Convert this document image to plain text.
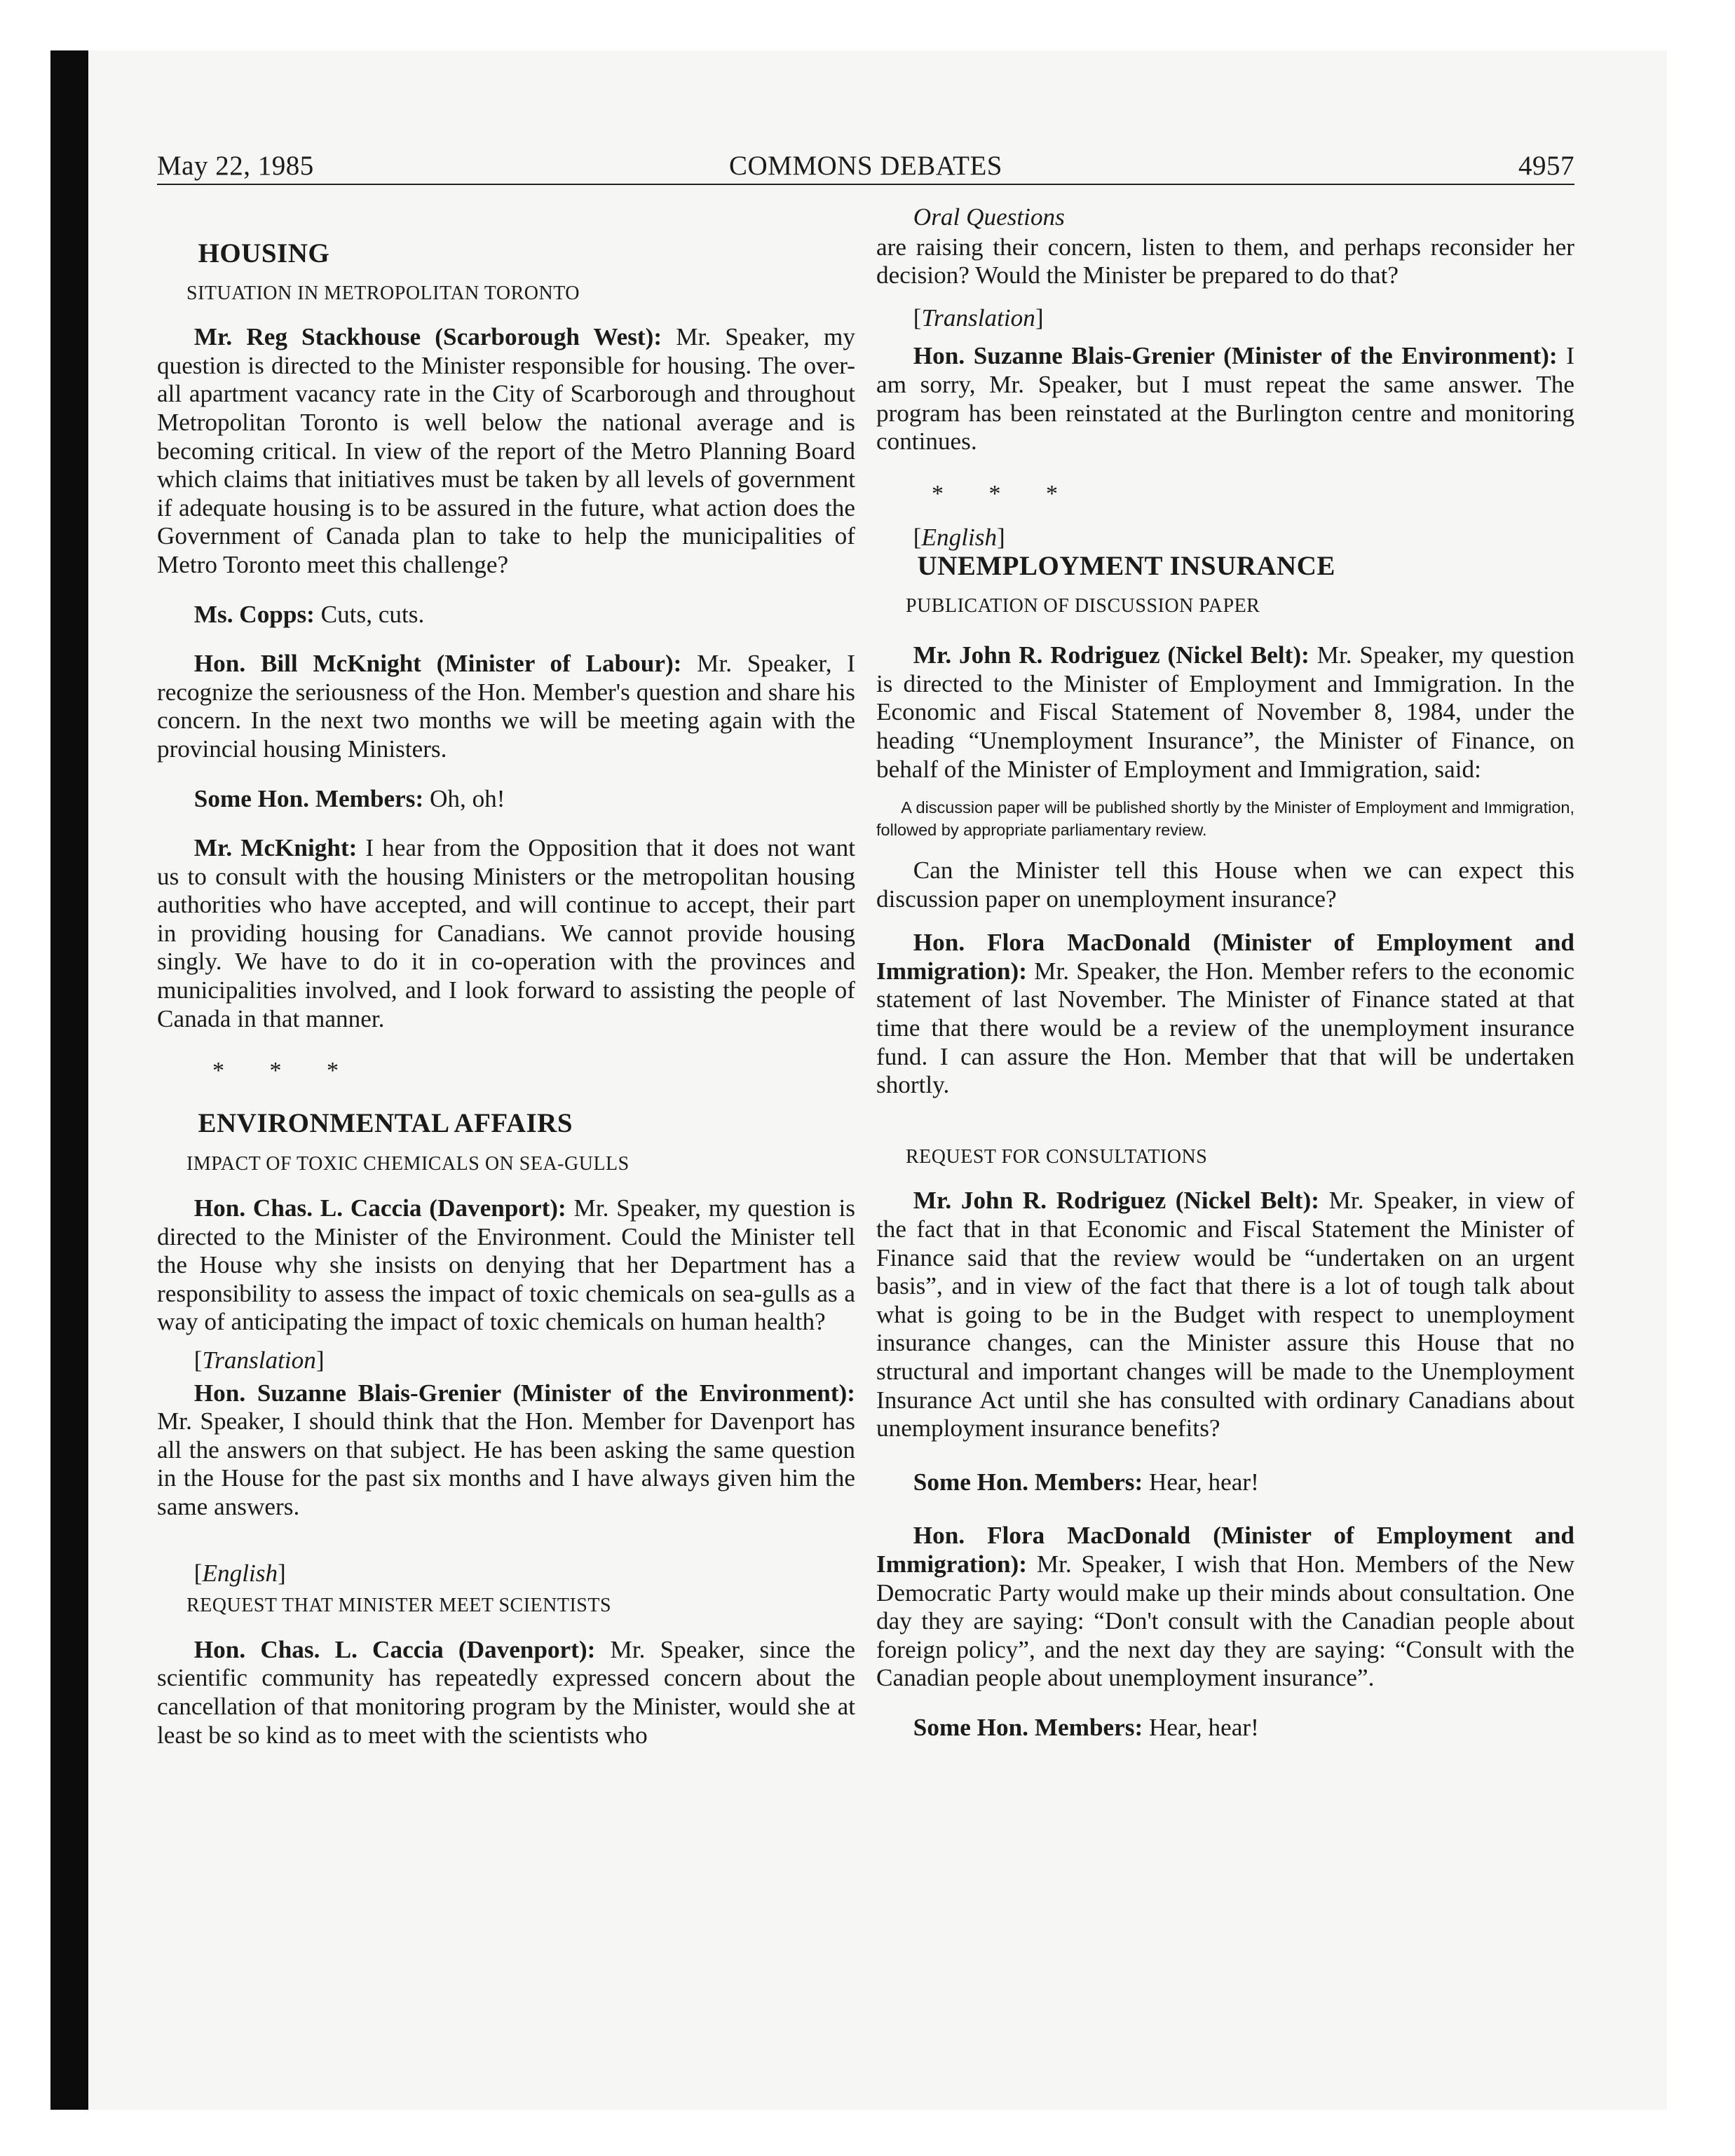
May 22, 1985	COMMONS DEBATES	4957

HOUSING

SITUATION IN METROPOLITAN TORONTO

Mr. Reg Stackhouse (Scarborough West): Mr. Speaker, my question is directed to the Minister responsible for housing. The over-all apartment vacancy rate in the City of Scarborough and throughout Metropolitan Toronto is well below the national average and is becoming critical. In view of the report of the Metro Planning Board which claims that initiatives must be taken by all levels of government if adequate housing is to be assured in the future, what action does the Government of Canada plan to take to help the municipalities of Metro Toronto meet this challenge?

Ms. Copps: Cuts, cuts.

Hon. Bill McKnight (Minister of Labour): Mr. Speaker, I recognize the seriousness of the Hon. Member's question and share his concern. In the next two months we will be meeting again with the provincial housing Ministers.

Some Hon. Members: Oh, oh!

Mr. McKnight: I hear from the Opposition that it does not want us to consult with the housing Ministers or the metropolitan housing authorities who have accepted, and will continue to accept, their part in providing housing for Canadians. We cannot provide housing singly. We have to do it in co-operation with the provinces and municipalities involved, and I look forward to assisting the people of Canada in that manner.

* * *

ENVIRONMENTAL AFFAIRS

IMPACT OF TOXIC CHEMICALS ON SEA-GULLS

Hon. Chas. L. Caccia (Davenport): Mr. Speaker, my question is directed to the Minister of the Environment. Could the Minister tell the House why she insists on denying that her Department has a responsibility to assess the impact of toxic chemicals on sea-gulls as a way of anticipating the impact of toxic chemicals on human health?

[Translation]

Hon. Suzanne Blais-Grenier (Minister of the Environment): Mr. Speaker, I should think that the Hon. Member for Davenport has all the answers on that subject. He has been asking the same question in the House for the past six months and I have always given him the same answers.

[English]

REQUEST THAT MINISTER MEET SCIENTISTS

Hon. Chas. L. Caccia (Davenport): Mr. Speaker, since the scientific community has repeatedly expressed concern about the cancellation of that monitoring program by the Minister, would she at least be so kind as to meet with the scientists who

Oral Questions

are raising their concern, listen to them, and perhaps reconsider her decision? Would the Minister be prepared to do that?

[Translation]

Hon. Suzanne Blais-Grenier (Minister of the Environment): I am sorry, Mr. Speaker, but I must repeat the same answer. The program has been reinstated at the Burlington centre and monitoring continues.

* * *

[English]

UNEMPLOYMENT INSURANCE

PUBLICATION OF DISCUSSION PAPER

Mr. John R. Rodriguez (Nickel Belt): Mr. Speaker, my question is directed to the Minister of Employment and Immigration. In the Economic and Fiscal Statement of November 8, 1984, under the heading “Unemployment Insurance”, the Minister of Finance, on behalf of the Minister of Employment and Immigration, said:

A discussion paper will be published shortly by the Minister of Employment and Immigration, followed by appropriate parliamentary review.

Can the Minister tell this House when we can expect this discussion paper on unemployment insurance?

Hon. Flora MacDonald (Minister of Employment and Immigration): Mr. Speaker, the Hon. Member refers to the economic statement of last November. The Minister of Finance stated at that time that there would be a review of the unemployment insurance fund. I can assure the Hon. Member that that will be undertaken shortly.

REQUEST FOR CONSULTATIONS

Mr. John R. Rodriguez (Nickel Belt): Mr. Speaker, in view of the fact that in that Economic and Fiscal Statement the Minister of Finance said that the review would be “undertaken on an urgent basis”, and in view of the fact that there is a lot of tough talk about what is going to be in the Budget with respect to unemployment insurance changes, can the Minister assure this House that no structural and important changes will be made to the Unemployment Insurance Act until she has consulted with ordinary Canadians about unemployment insurance benefits?

Some Hon. Members: Hear, hear!

Hon. Flora MacDonald (Minister of Employment and Immigration): Mr. Speaker, I wish that Hon. Members of the New Democratic Party would make up their minds about consultation. One day they are saying: “Don't consult with the Canadian people about foreign policy”, and the next day they are saying: “Consult with the Canadian people about unemployment insurance”.

Some Hon. Members: Hear, hear!
